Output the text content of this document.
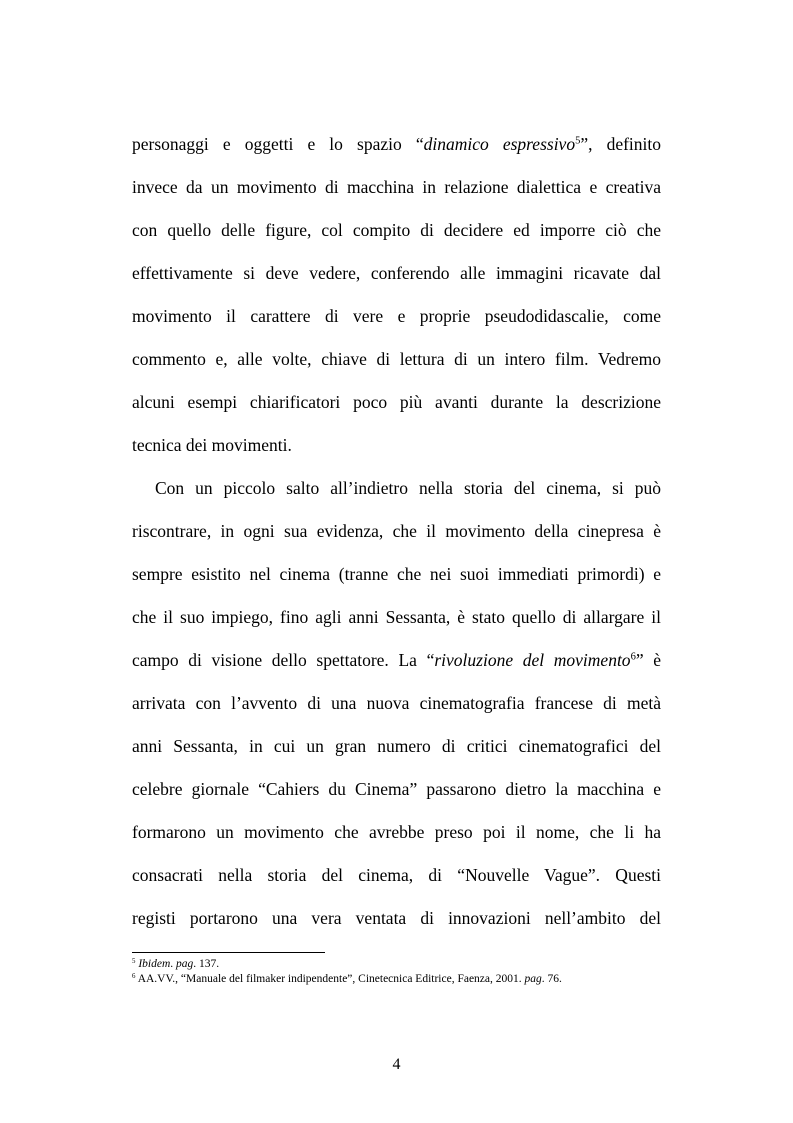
personaggi e oggetti e lo spazio “dinamico espressivo$^5$”, definito
invece da un movimento di macchina in relazione dialettica e creativa
con quello delle figure, col compito di decidere ed imporre ciò che
effettivamente si deve vedere, conferendo alle immagini ricavate dal
movimento il carattere di vere e proprie pseudodidascalie, come
commento e, alle volte, chiave di lettura di un intero film. Vedremo
alcuni esempi chiarificatori poco più avanti durante la descrizione
tecnica dei movimenti.
Con un piccolo salto all’indietro nella storia del cinema, si può
riscontrare, in ogni sua evidenza, che il movimento della cinepresa è
sempre esistito nel cinema (tranne che nei suoi immediati primordi) e
che il suo impiego, fino agli anni Sessanta, è stato quello di allargare il
campo di visione dello spettatore. La “rivoluzione del movimento$^6$” è
arrivata con l’avvento di una nuova cinematografia francese di metà
anni Sessanta, in cui un gran numero di critici cinematografici del
celebre giornale “Cahiers du Cinema” passarono dietro la macchina e
formarono un movimento che avrebbe preso poi il nome, che li ha
consacrati nella storia del cinema, di “Nouvelle Vague”. Questi
registi portarono una vera ventata di innovazioni nell’ambito del
$^5$ Ibidem. pag. 137.
$^6$ AA.VV., “Manuale del filmaker indipendente”, Cinetecnica Editrice, Faenza, 2001. pag. 76.
4
